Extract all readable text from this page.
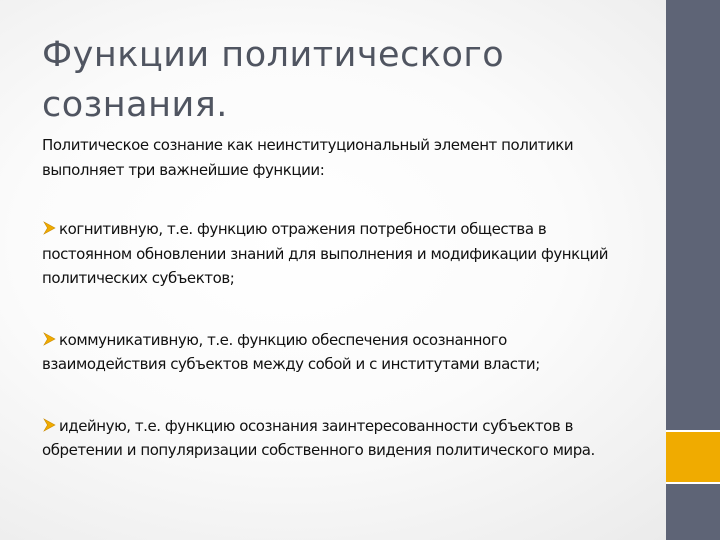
Функции политического сознания.

Политическое сознание как неинституциональный элемент политики выполняет три важнейшие функции:

когнитивную, т.е. функцию отражения потребности общества в постоянном обновлении знаний для выполнения и модификации функций политических субъектов;

коммуникативную, т.е. функцию обеспечения осознанного взаимодействия субъектов между собой и с институтами власти;

идейную, т.е. функцию осознания заинтересованности субъектов в обретении и популяризации собственного видения политического мира.
